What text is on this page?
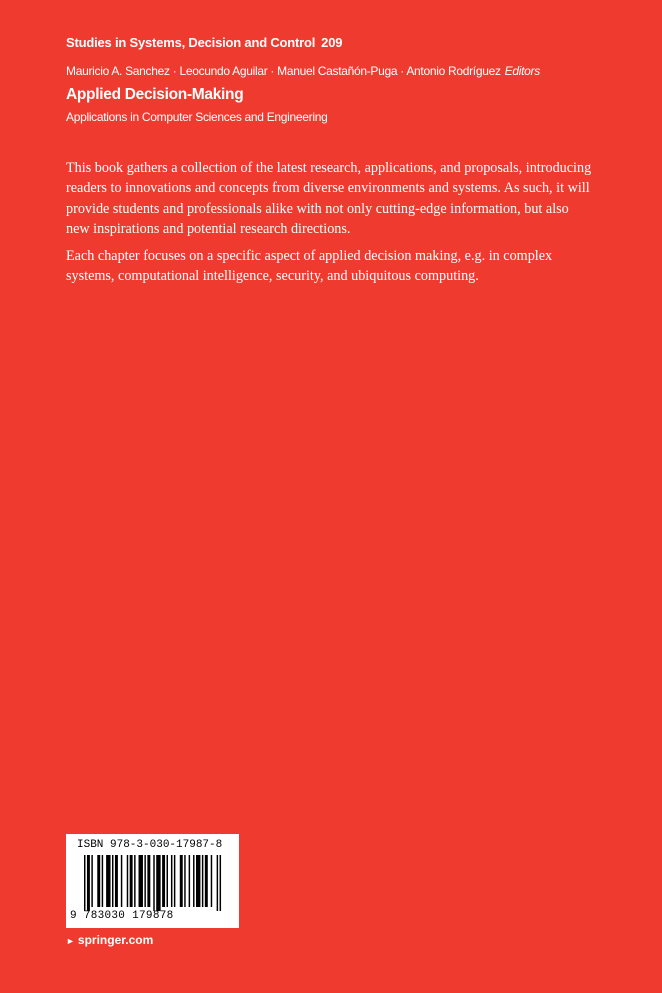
Studies in Systems, Decision and Control 209
Mauricio A. Sanchez · Leocundo Aguilar · Manuel Castañón-Puga · Antonio Rodríguez Editors
Applied Decision-Making
Applications in Computer Sciences and Engineering

This book gathers a collection of the latest research, applications, and proposals, introducing readers to innovations and concepts from diverse environments and systems. As such, it will provide students and professionals alike with not only cutting-edge information, but also new inspirations and potential research directions.

Each chapter focuses on a specific aspect of applied decision making, e.g. in complex systems, computational intelligence, security, and ubiquitous computing.

ISBN 978-3-030-17987-8
9 783030 179878
► springer.com
